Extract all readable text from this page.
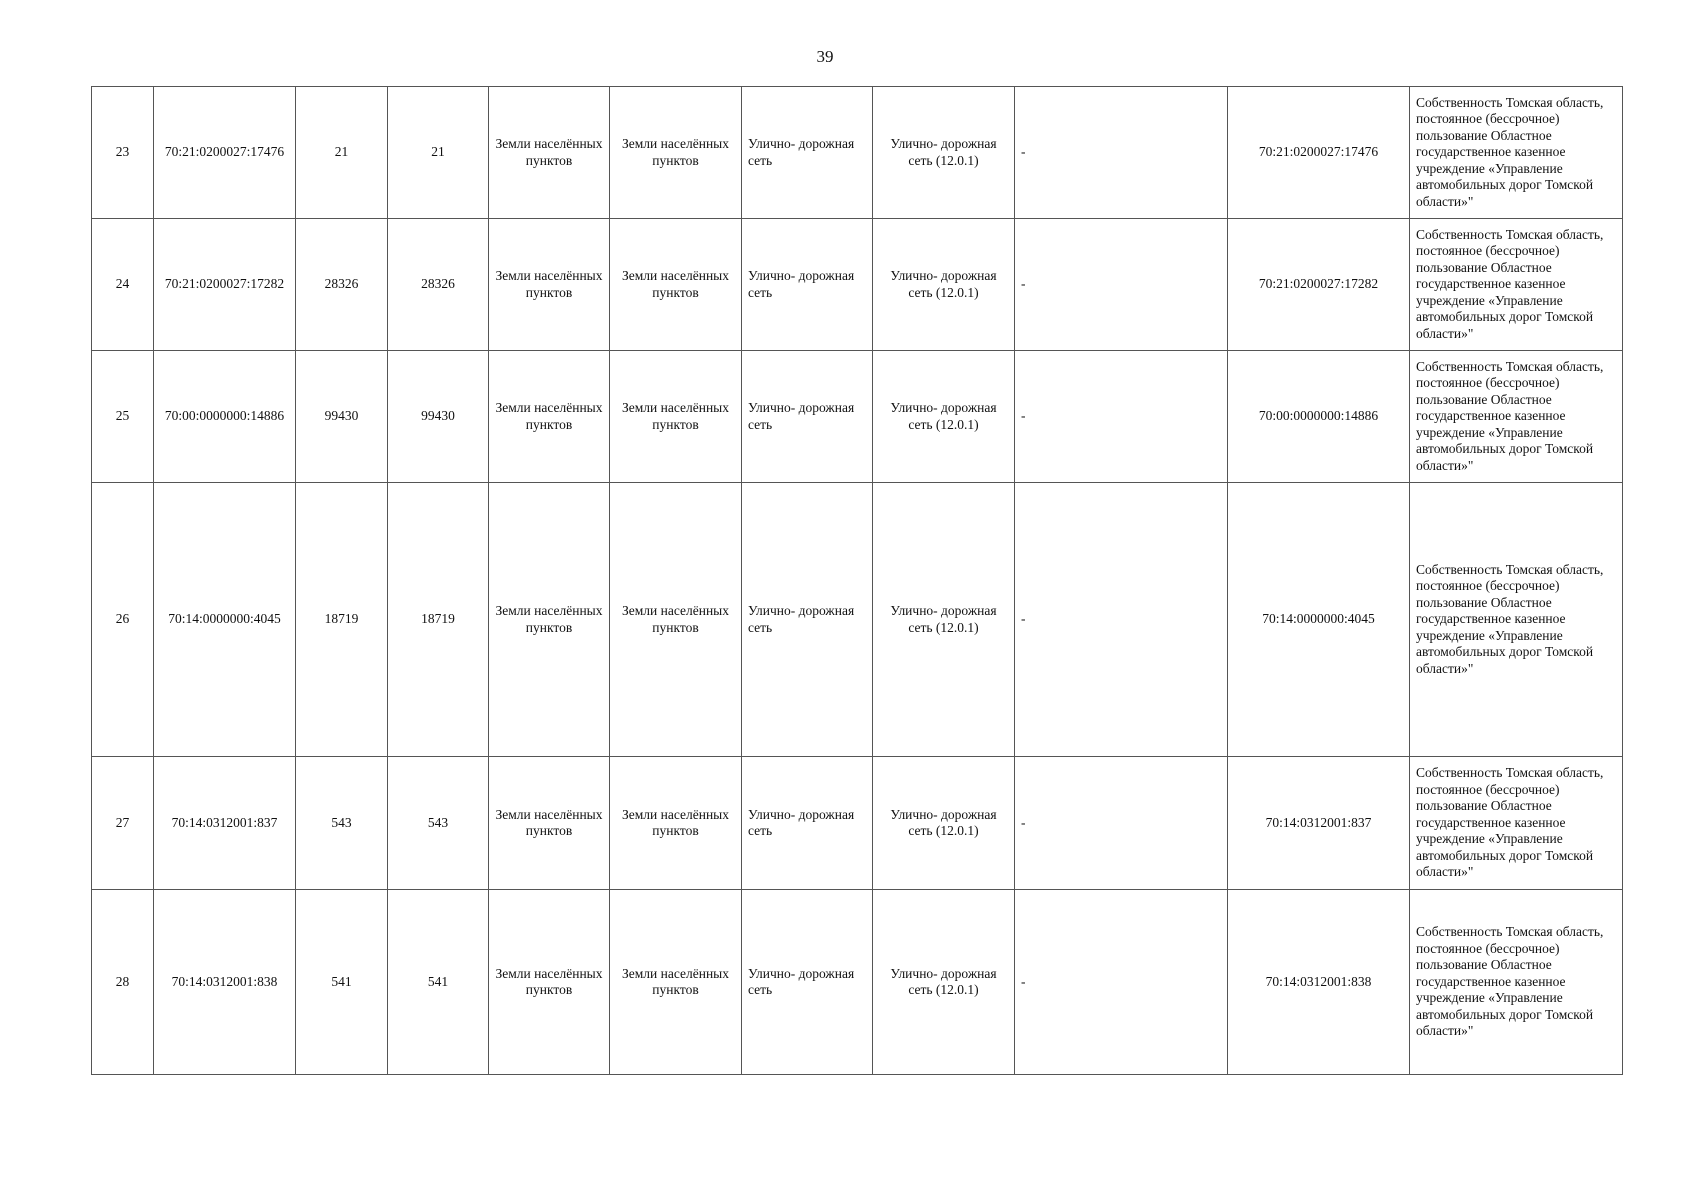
39
23	70:21:0200027:17476	21	21	Земли населённых пунктов	Земли населённых пунктов	Улично- дорожная сеть	Улично- дорожная сеть (12.0.1)	-	70:21:0200027:17476	Собственность Томская область, постоянное (бессрочное) пользование Областное государственное казенное учреждение «Управление автомобильных дорог Томской области»"
24	70:21:0200027:17282	28326	28326	Земли населённых пунктов	Земли населённых пунктов	Улично- дорожная сеть	Улично- дорожная сеть (12.0.1)	-	70:21:0200027:17282	Собственность Томская область, постоянное (бессрочное) пользование Областное государственное казенное учреждение «Управление автомобильных дорог Томской области»"
25	70:00:0000000:14886	99430	99430	Земли населённых пунктов	Земли населённых пунктов	Улично- дорожная сеть	Улично- дорожная сеть (12.0.1)	-	70:00:0000000:14886	Собственность Томская область, постоянное (бессрочное) пользование Областное государственное казенное учреждение «Управление автомобильных дорог Томской области»"
26	70:14:0000000:4045	18719	18719	Земли населённых пунктов	Земли населённых пунктов	Улично- дорожная сеть	Улично- дорожная сеть (12.0.1)	-	70:14:0000000:4045	Собственность Томская область, постоянное (бессрочное) пользование Областное государственное казенное учреждение «Управление автомобильных дорог Томской области»"
27	70:14:0312001:837	543	543	Земли населённых пунктов	Земли населённых пунктов	Улично- дорожная сеть	Улично- дорожная сеть (12.0.1)	-	70:14:0312001:837	Собственность Томская область, постоянное (бессрочное) пользование Областное государственное казенное учреждение «Управление автомобильных дорог Томской области»"
28	70:14:0312001:838	541	541	Земли населённых пунктов	Земли населённых пунктов	Улично- дорожная сеть	Улично- дорожная сеть (12.0.1)	-	70:14:0312001:838	Собственность Томская область, постоянное (бессрочное) пользование Областное государственное казенное учреждение «Управление автомобильных дорог Томской области»"
